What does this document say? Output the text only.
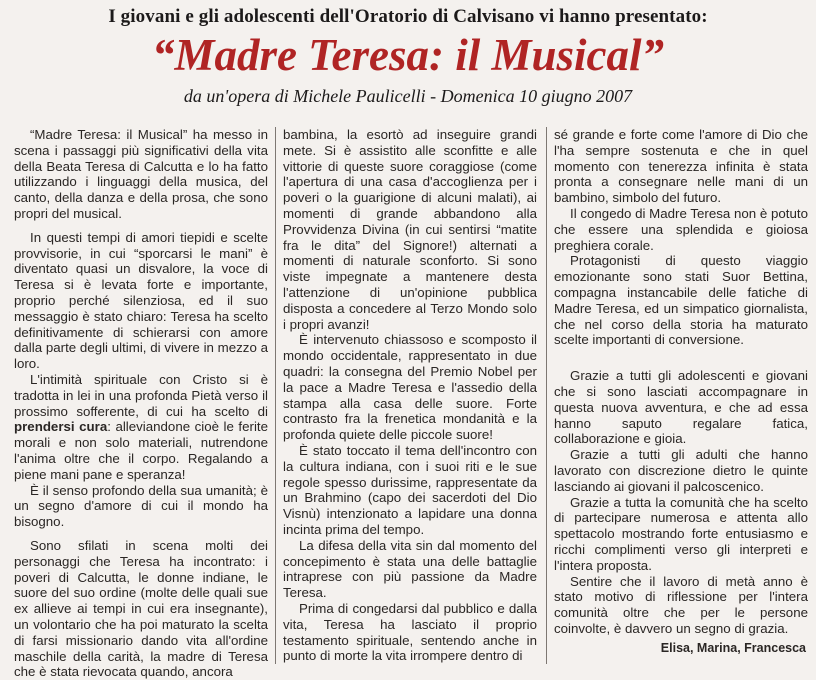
I giovani e gli adolescenti dell'Oratorio di Calvisano vi hanno presentato:
“Madre Teresa: il Musical”
da un'opera di Michele Paulicelli - Domenica 10 giugno 2007

“Madre Teresa: il Musical” ha messo in scena i passaggi più significativi della vita della Beata Teresa di Calcutta e lo ha fatto utilizzando i linguaggi della musica, del canto, della danza e della prosa, che sono propri del musical.

In questi tempi di amori tiepidi e scelte provvisorie, in cui “sporcarsi le mani” è diventato quasi un disvalore, la voce di Teresa si è levata forte e importante, proprio perché silenziosa, ed il suo messaggio è stato chiaro: Teresa ha scelto definitivamente di schierarsi con amore dalla parte degli ultimi, di vivere in mezzo a loro.

L'intimità spirituale con Cristo si è tradotta in lei in una profonda Pietà verso il prossimo sofferente, di cui ha scelto di prendersi cura: alleviandone cioè le ferite morali e non solo materiali, nutrendone l'anima oltre che il corpo. Regalando a piene mani pane e speranza!

È il senso profondo della sua umanità; è un segno d'amore di cui il mondo ha bisogno.

Sono sfilati in scena molti dei personaggi che Teresa ha incontrato: i poveri di Calcutta, le donne indiane, le suore del suo ordine (molte delle quali sue ex allieve ai tempi in cui era insegnante), un volontario che ha poi maturato la scelta di farsi missionario dando vita all'ordine maschile della carità, la madre di Teresa che è stata rievocata quando, ancora

bambina, la esortò ad inseguire grandi mete. Si è assistito alle sconfitte e alle vittorie di queste suore coraggiose (come l'apertura di una casa d'accoglienza per i poveri o la guarigione di alcuni malati), ai momenti di grande abbandono alla Provvidenza Divina (in cui sentirsi “matite fra le dita” del Signore!) alternati a momenti di naturale sconforto. Si sono viste impegnate a mantenere desta l'attenzione di un'opinione pubblica disposta a concedere al Terzo Mondo solo i propri avanzi!

È intervenuto chiassoso e scomposto il mondo occidentale, rappresentato in due quadri: la consegna del Premio Nobel per la pace a Madre Teresa e l'assedio della stampa alla casa delle suore. Forte contrasto fra la frenetica mondanità e la profonda quiete delle piccole suore!

È stato toccato il tema dell'incontro con la cultura indiana, con i suoi riti e le sue regole spesso durissime, rappresentate da un Brahmino (capo dei sacerdoti del Dio Visnù) intenzionato a lapidare una donna incinta prima del tempo.

La difesa della vita sin dal momento del concepimento è stata una delle battaglie intraprese con più passione da Madre Teresa.

Prima di congedarsi dal pubblico e dalla vita, Teresa ha lasciato il proprio testamento spirituale, sentendo anche in punto di morte la vita irrompere dentro di

sé grande e forte come l'amore di Dio che l'ha sempre sostenuta e che in quel momento con tenerezza infinita è stata pronta a consegnare nelle mani di un bambino, simbolo del futuro.

Il congedo di Madre Teresa non è potuto che essere una splendida e gioiosa preghiera corale.

Protagonisti di questo viaggio emozionante sono stati Suor Bettina, compagna instancabile delle fatiche di Madre Teresa, ed un simpatico giornalista, che nel corso della storia ha maturato scelte importanti di conversione.

Grazie a tutti gli adolescenti e giovani che si sono lasciati accompagnare in questa nuova avventura, e che ad essa hanno saputo regalare fatica, collaborazione e gioia.

Grazie a tutti gli adulti che hanno lavorato con discrezione dietro le quinte lasciando ai giovani il palcoscenico.

Grazie a tutta la comunità che ha scelto di partecipare numerosa e attenta allo spettacolo mostrando forte entusiasmo e ricchi complimenti verso gli interpreti e l'intera proposta.

Sentire che il lavoro di metà anno è stato motivo di riflessione per l'intera comunità oltre che per le persone coinvolte, è davvero un segno di grazia.

Elisa, Marina, Francesca
